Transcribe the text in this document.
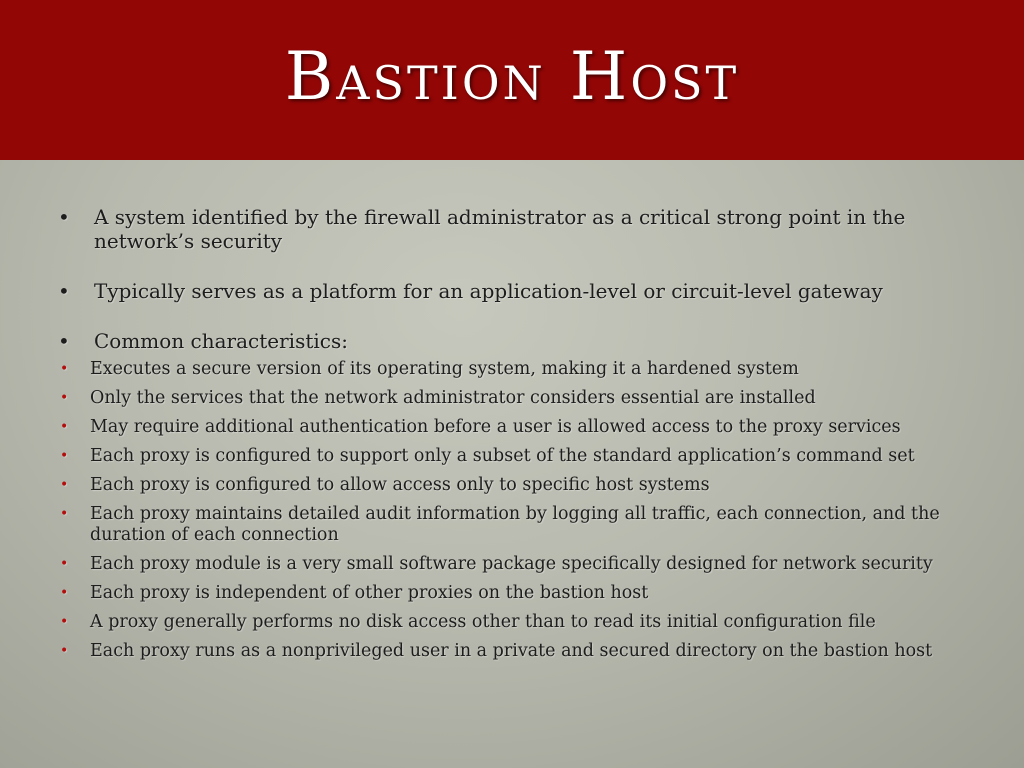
Bastion Host
• A system identified by the firewall administrator as a critical strong point in the network’s security
• Typically serves as a platform for an application-level or circuit-level gateway
• Common characteristics:
• Executes a secure version of its operating system, making it a hardened system
• Only the services that the network administrator considers essential are installed
• May require additional authentication before a user is allowed access to the proxy services
• Each proxy is configured to support only a subset of the standard application’s command set
• Each proxy is configured to allow access only to specific host systems
• Each proxy maintains detailed audit information by logging all traffic, each connection, and the duration of each connection
• Each proxy module is a very small software package specifically designed for network security
• Each proxy is independent of other proxies on the bastion host
• A proxy generally performs no disk access other than to read its initial configuration file
• Each proxy runs as a nonprivileged user in a private and secured directory on the bastion host
